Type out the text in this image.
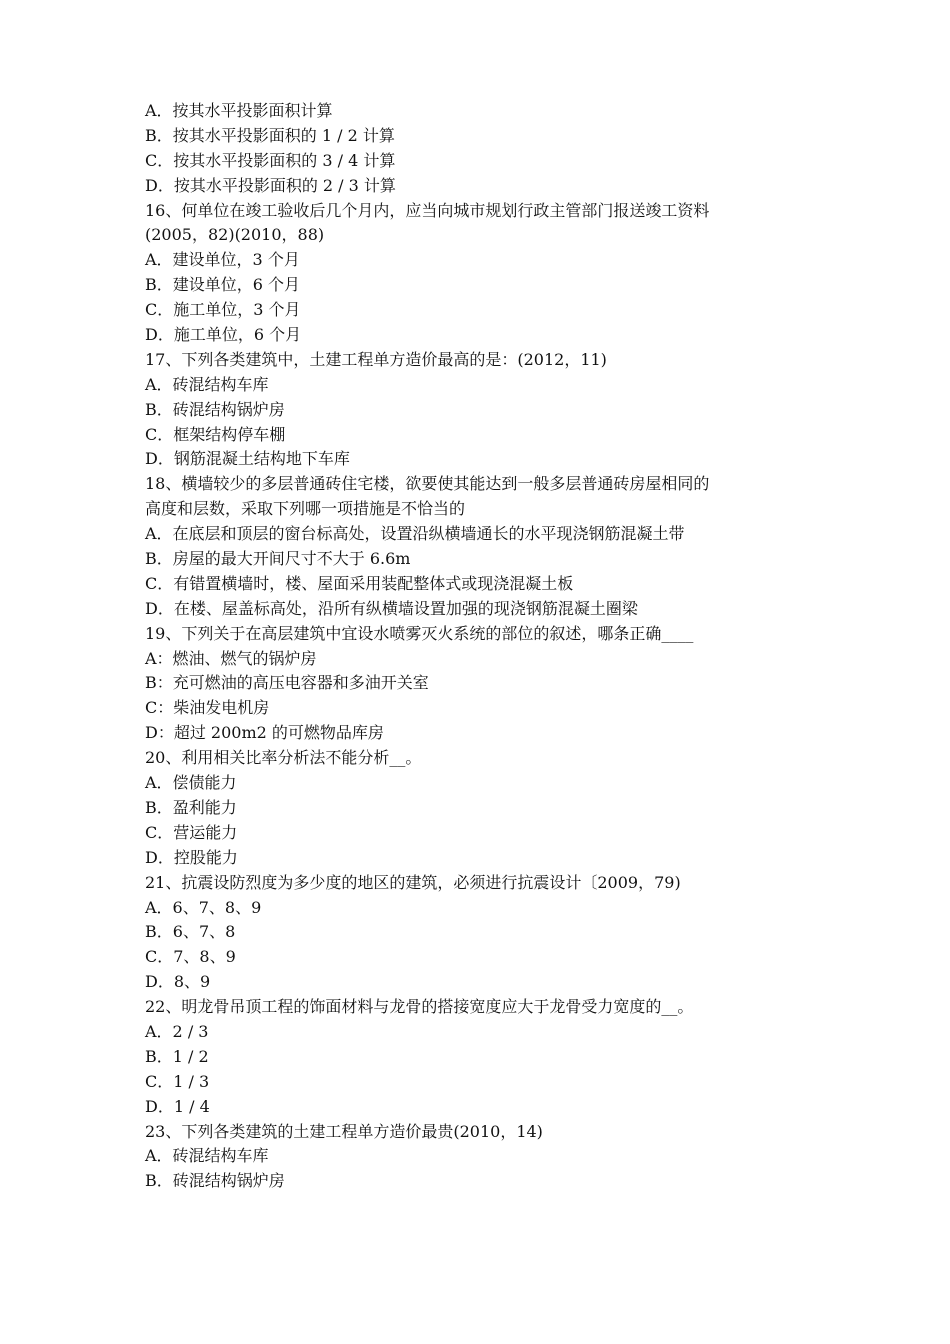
A．按其水平投影面积计算

B．按其水平投影面积的 1 / 2 计算

C．按其水平投影面积的 3 / 4 计算

D．按其水平投影面积的 2 / 3 计算

16、何单位在竣工验收后几个月内，应当向城市规划行政主管部门报送竣工资料

(2005，82)(2010，88)

A．建设单位，3 个月

B．建设单位，6 个月

C．施工单位，3 个月

D．施工单位，6 个月

17、下列各类建筑中，土建工程单方造价最高的是：(2012，11)

A．砖混结构车库

B．砖混结构锅炉房

C．框架结构停车棚

D．钢筋混凝土结构地下车库

18、横墙较少的多层普通砖住宅楼，欲要使其能达到一般多层普通砖房屋相同的

高度和层数，采取下列哪一项措施是不恰当的

A．在底层和顶层的窗台标高处，设置沿纵横墙通长的水平现浇钢筋混凝土带

B．房屋的最大开间尺寸不大于 6.6m

C．有错置横墙时，楼、屋面采用装配整体式或现浇混凝土板

D．在楼、屋盖标高处，沿所有纵横墙设置加强的现浇钢筋混凝土圈梁

19、下列关于在高层建筑中宜设水喷雾灭火系统的部位的叙述，哪条正确____

A：燃油、燃气的锅炉房

B：充可燃油的高压电容器和多油开关室

C：柴油发电机房

D：超过 200m2 的可燃物品库房

20、利用相关比率分析法不能分析__。

A．偿债能力

B．盈利能力

C．营运能力

D．控股能力

21、抗震设防烈度为多少度的地区的建筑，必须进行抗震设计〔2009，79)

A．6、7、8、9

B．6、7、8

C．7、8、9

D．8、9

22、明龙骨吊顶工程的饰面材料与龙骨的搭接宽度应大于龙骨受力宽度的__。

A．2 / 3

B．1 / 2

C．1 / 3

D．1 / 4

23、下列各类建筑的土建工程单方造价最贵(2010，14)

A．砖混结构车库

B．砖混结构锅炉房
